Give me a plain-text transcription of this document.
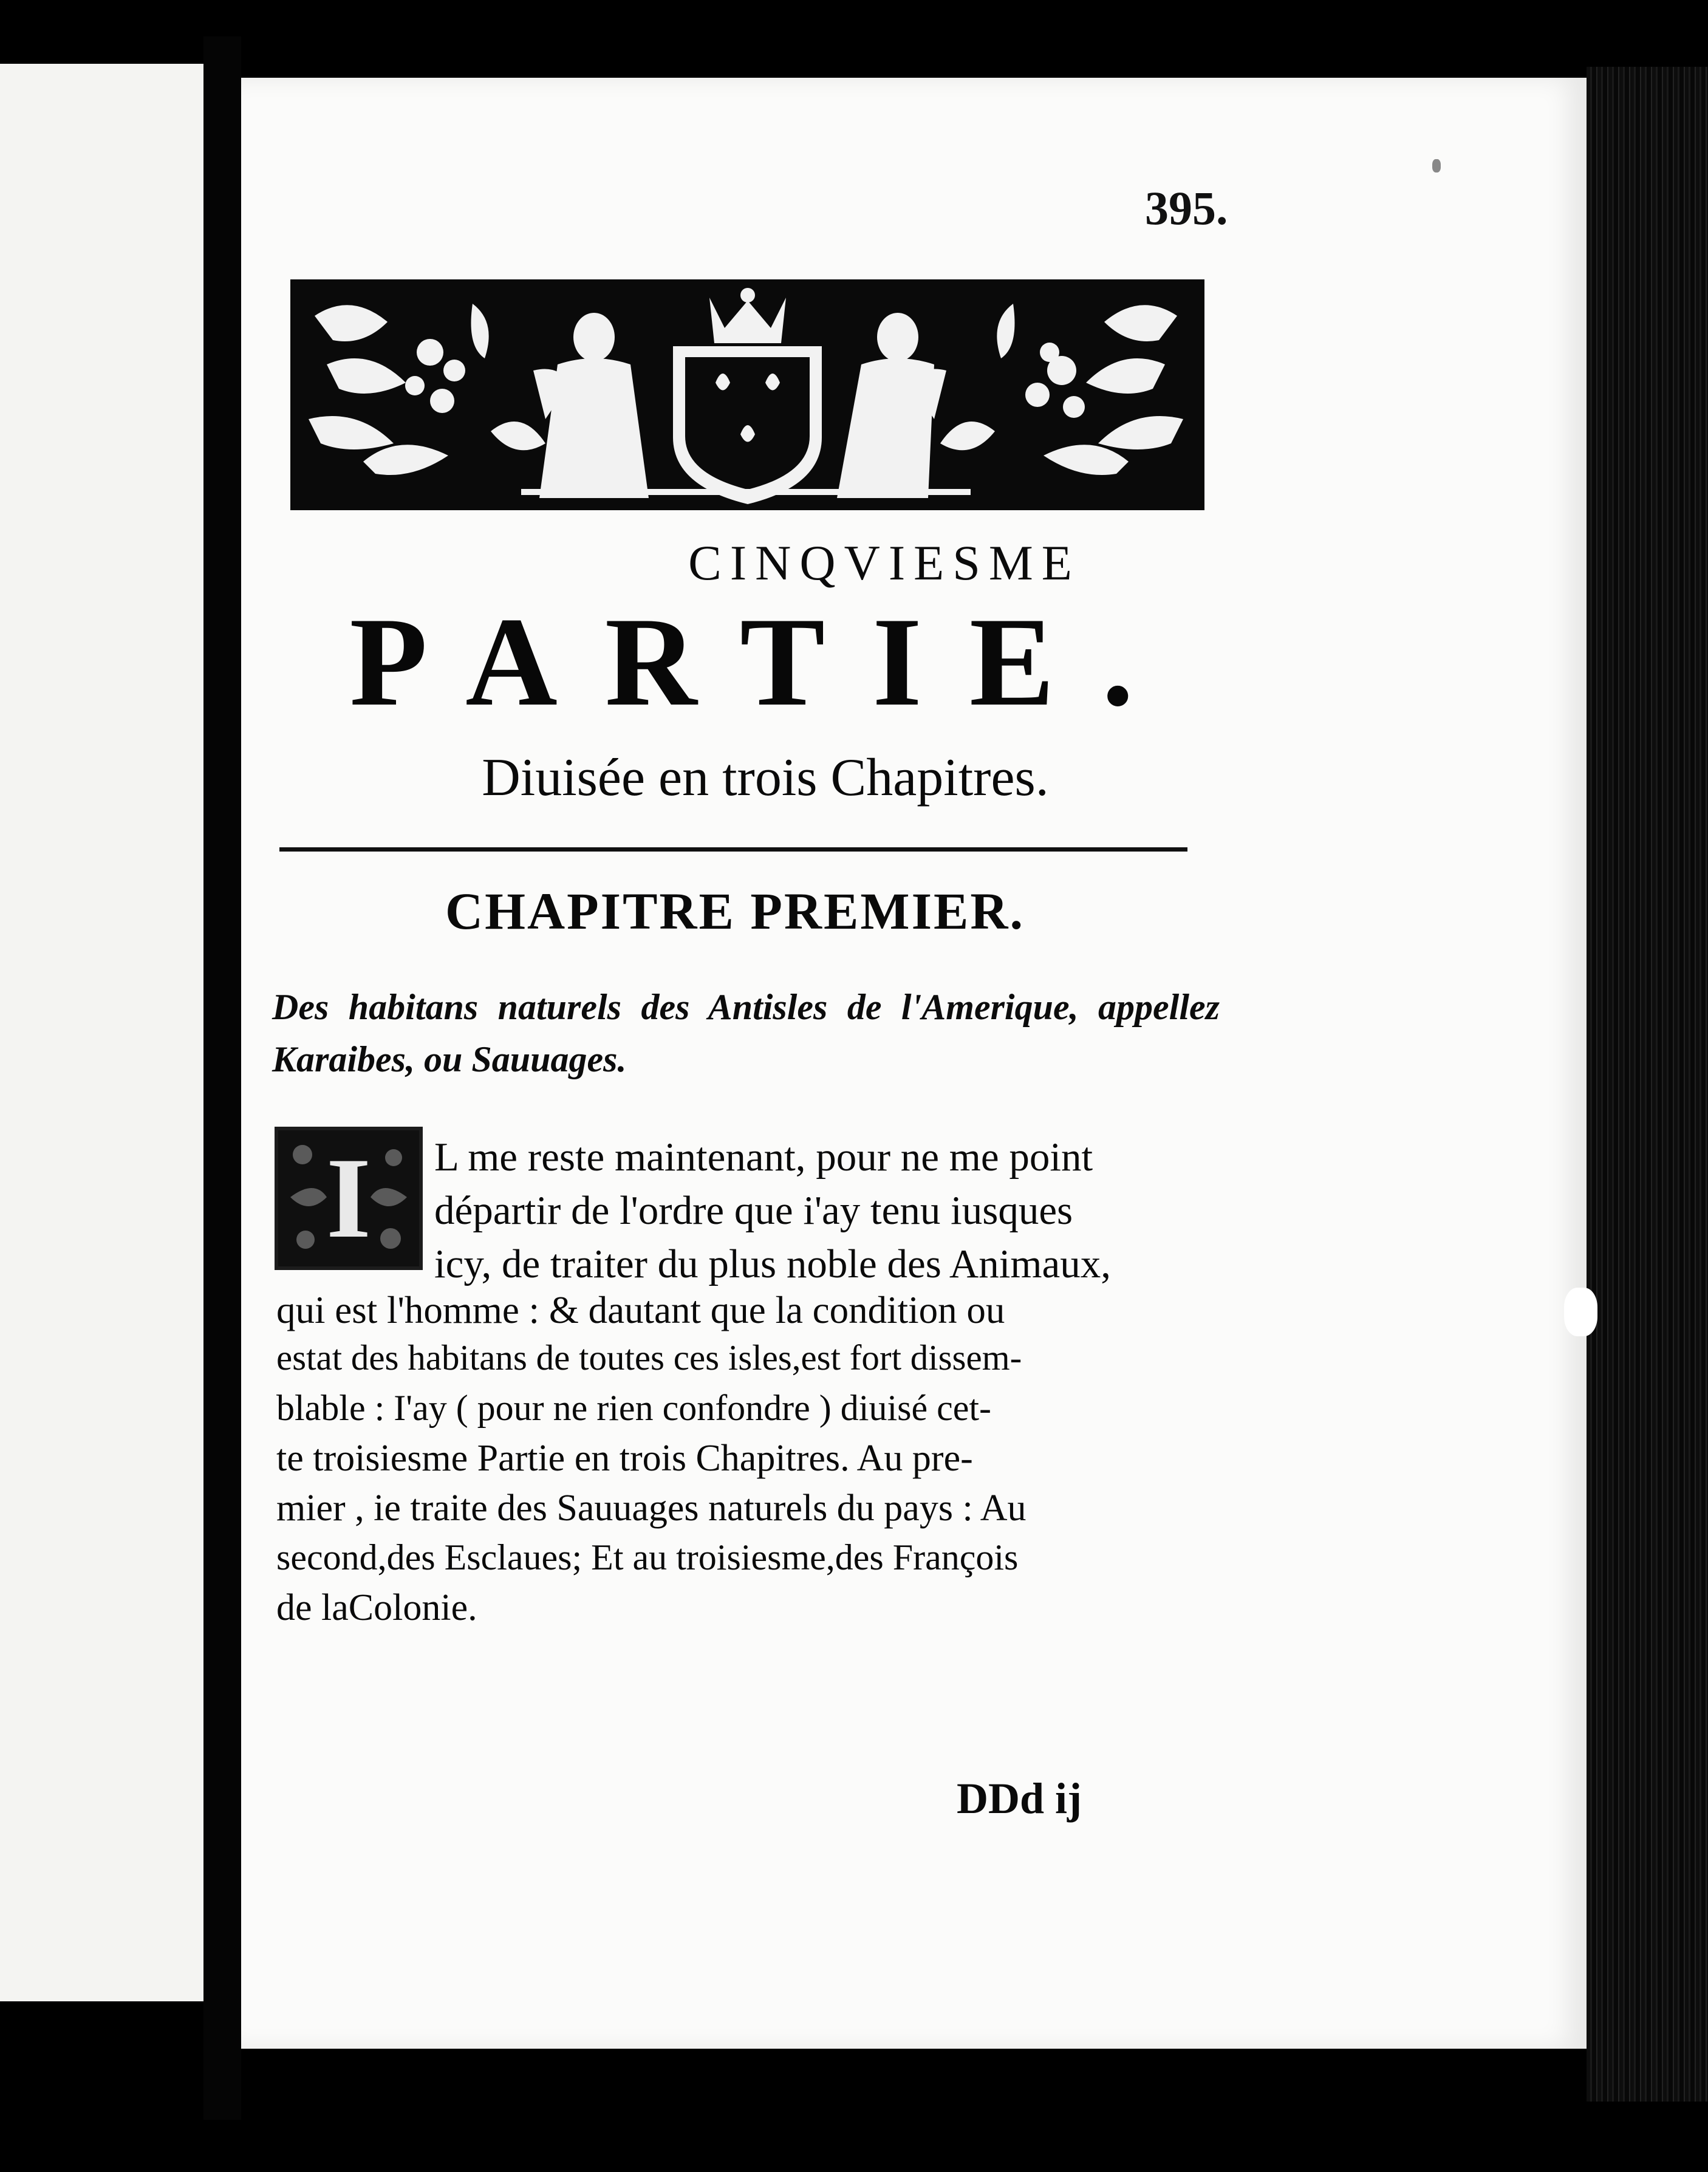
395.
CINQVIESME
PARTIE.
Diuisée en trois Chapitres.
CHAPITRE PREMIER.
Des habitans naturels des Antisles de l'Amerique, appellez Karaibes, ou Sauuages.
I	L me reste maintenant, pour ne me point
départir de l'ordre que i'ay tenu iusques
icy, de traiter du plus noble des Animaux,
qui est l'homme : & dautant que la condition ou
estat des habitans de toutes ces isles,est fort dissem-
blable : I'ay ( pour ne rien confondre ) diuisé cet-
te troisiesme Partie en trois Chapitres. Au pre-
mier , ie traite des Sauuages naturels du pays : Au
second,des Esclaues; Et au troisiesme,des François
de laColonie.
DDd ij
